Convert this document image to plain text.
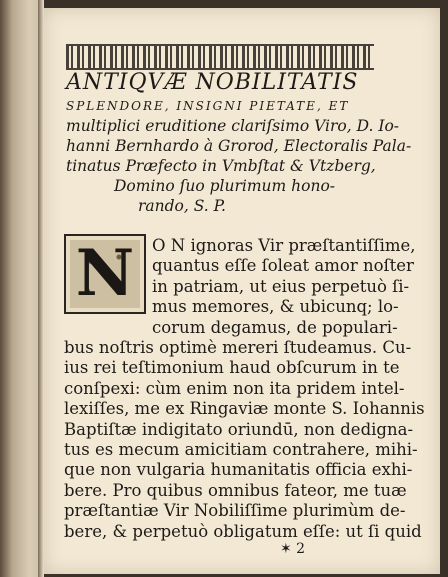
ANTIQVÆ NOBILITATIS
SPLENDORE, INSIGNI PIETATE, ET
multiplici eruditione clariſsimo Viro, D. Io-
hanni Bernhardo à Grorod, Electoralis Pala-
tinatus Præfecto in Vmbſtat & Vtzberg,
Domino ſuo plurimum hono-
rando, S. P.
N	O N ignoras Vir præſtantiſſime,
quantus eſſe ſoleat amor noſter
in patriam, ut eius perpetuò ſi-
mus memores, & ubicunq; lo-
corum degamus, de populari-
bus noſtris optimè mereri ſtudeamus. Cu-
ius rei teſtimonium haud obſcurum in te
conſpexi: cùm enim non ita pridem intel-
lexiſſes, me ex Ringaviæ monte S. Iohannis
Baptiſtæ indigitato oriundū, non dedigna-
tus es mecum amicitiam contrahere, mihi-
que non vulgaria humanitatis officia exhi-
bere. Pro quibus omnibus fateor, me tuæ
præſtantiæ Vir Nobiliſſime plurimùm de-
bere, & perpetuò obligatum eſſe: ut ſi quid
✶ 2
